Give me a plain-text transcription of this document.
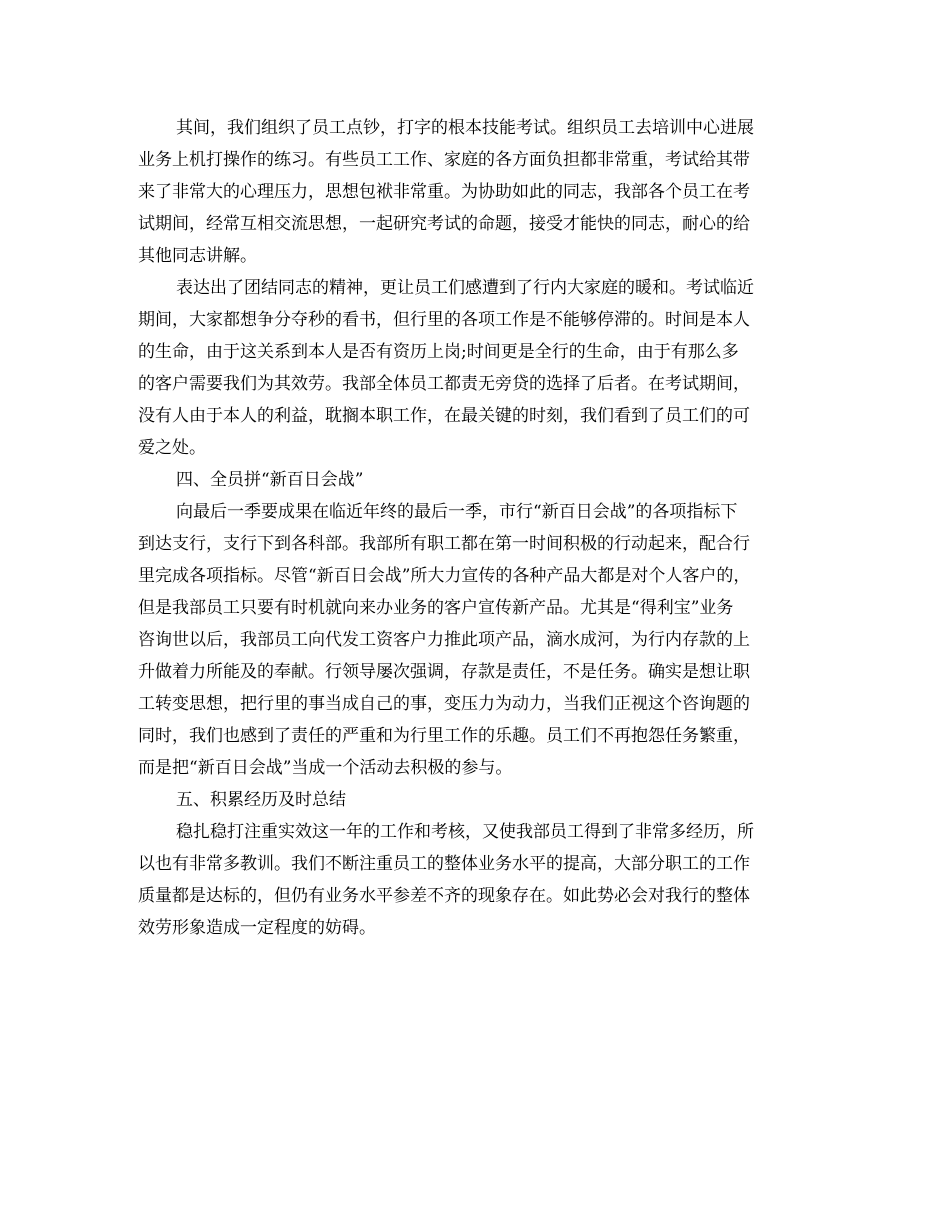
其间，我们组织了员工点钞，打字的根本技能考试。组织员工去培训中心进展
业务上机打操作的练习。有些员工工作、家庭的各方面负担都非常重，考试给其带
来了非常大的心理压力，思想包袱非常重。为协助如此的同志，我部各个员工在考
试期间，经常互相交流思想，一起研究考试的命题，接受才能快的同志，耐心的给
其他同志讲解。
表达出了团结同志的精神，更让员工们感遭到了行内大家庭的暖和。考试临近
期间，大家都想争分夺秒的看书，但行里的各项工作是不能够停滞的。时间是本人
的生命，由于这关系到本人是否有资历上岗;时间更是全行的生命，由于有那么多
的客户需要我们为其效劳。我部全体员工都责无旁贷的选择了后者。在考试期间，
没有人由于本人的利益，耽搁本职工作，在最关键的时刻，我们看到了员工们的可
爱之处。
四、全员拼“新百日会战”
向最后一季要成果在临近年终的最后一季，市行“新百日会战”的各项指标下
到达支行，支行下到各科部。我部所有职工都在第一时间积极的行动起来，配合行
里完成各项指标。尽管“新百日会战”所大力宣传的各种产品大都是对个人客户的，
但是我部员工只要有时机就向来办业务的客户宣传新产品。尤其是“得利宝”业务
咨询世以后，我部员工向代发工资客户力推此项产品，滴水成河，为行内存款的上
升做着力所能及的奉献。行领导屡次强调，存款是责任，不是任务。确实是想让职
工转变思想，把行里的事当成自己的事，变压力为动力，当我们正视这个咨询题的
同时，我们也感到了责任的严重和为行里工作的乐趣。员工们不再抱怨任务繁重，
而是把“新百日会战”当成一个活动去积极的参与。
五、积累经历及时总结
稳扎稳打注重实效这一年的工作和考核，又使我部员工得到了非常多经历，所
以也有非常多教训。我们不断注重员工的整体业务水平的提高，大部分职工的工作
质量都是达标的，但仍有业务水平参差不齐的现象存在。如此势必会对我行的整体
效劳形象造成一定程度的妨碍。
